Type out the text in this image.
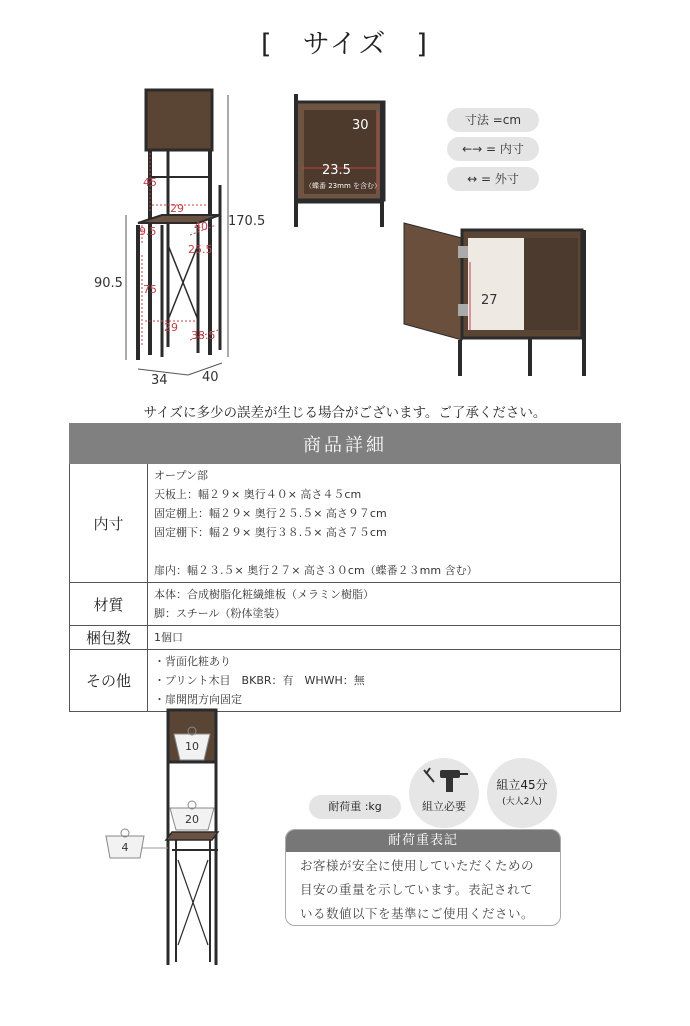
[　サイズ　]
170.5
90.5
34	40
45
29
40
9.5
25.5
75
29
38.5
30
23.5
（蝶番 23mm を含む）
寸法 =cm
←→ = 内寸
↔ = 外寸
27
サイズに多少の誤差が生じる場合がございます。ご了承ください。
商品詳細	
内寸	オープン部
天板上：幅２９× 奥行４０× 高さ４５cm
固定棚上：幅２９× 奥行２５.５× 高さ９７cm
固定棚下：幅２９× 奥行３８.５× 高さ７５cm
扉内：幅２３.５× 奥行２７× 高さ３０cm（蝶番２３mm 含む）

材質	本体：合成樹脂化粧繊維板（メラミン樹脂）
脚：スチール（粉体塗装）

梱包数	1個口

その他	・背面化粧あり
・プリント木目　BKBR：有　WHWH：無
・扉開閉方向固定
10
20
4
耐荷重 :kg	組立必要
組立45分
(大人2人)
耐荷重表記
お客様が安全に使用していただくための
目安の重量を示しています。表記されて
いる数値以下を基準にご使用ください。
